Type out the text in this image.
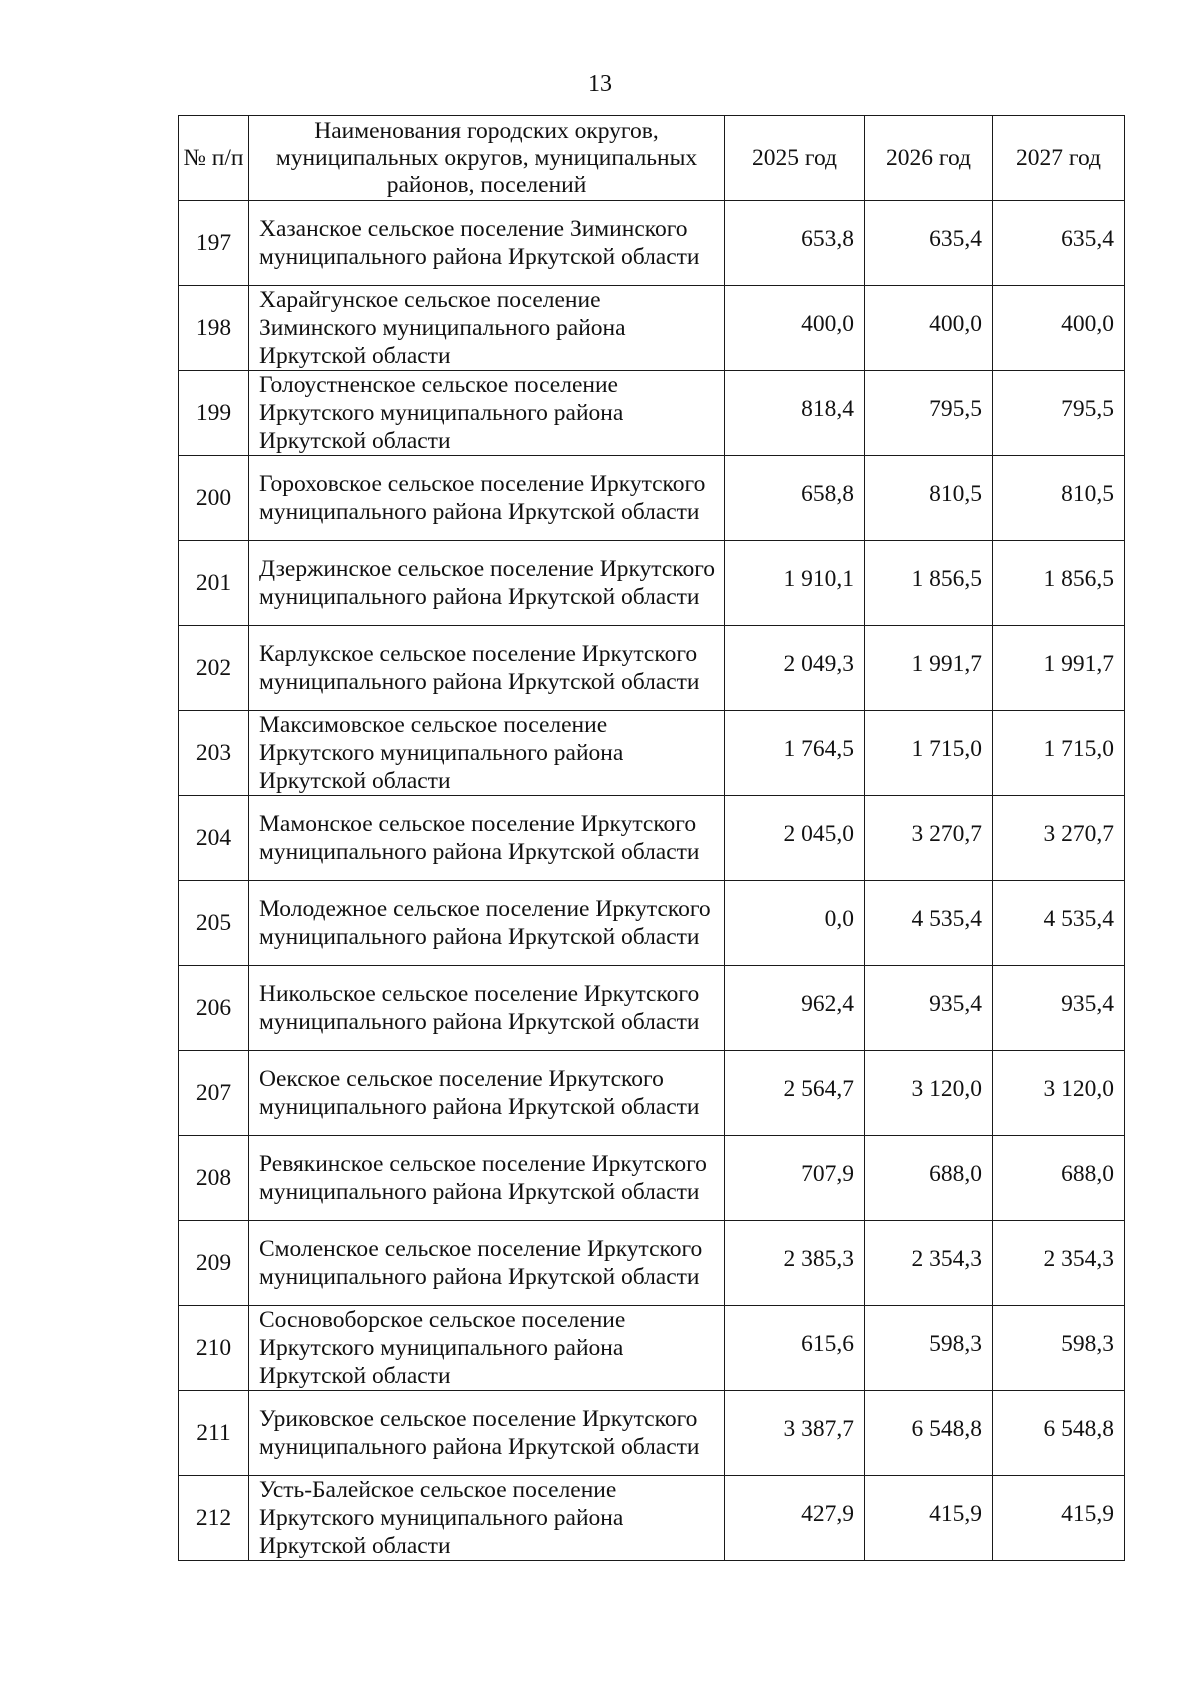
13
№ п/п	Наименования городских округов, муниципальных округов, муниципальных районов, поселений	2025 год	2026 год	2027 год
197	Хазанское сельское поселение Зиминского муниципального района Иркутской области	653,8	635,4	635,4
198	Харайгунское сельское поселение Зиминского муниципального района Иркутской области	400,0	400,0	400,0
199	Голоустненское сельское поселение Иркутского муниципального района Иркутской области	818,4	795,5	795,5
200	Гороховское сельское поселение Иркутского муниципального района Иркутской области	658,8	810,5	810,5
201	Дзержинское сельское поселение Иркутского муниципального района Иркутской области	1 910,1	1 856,5	1 856,5
202	Карлукское сельское поселение Иркутского муниципального района Иркутской области	2 049,3	1 991,7	1 991,7
203	Максимовское сельское поселение Иркутского муниципального района Иркутской области	1 764,5	1 715,0	1 715,0
204	Мамонское сельское поселение Иркутского муниципального района Иркутской области	2 045,0	3 270,7	3 270,7
205	Молодежное сельское поселение Иркутского муниципального района Иркутской области	0,0	4 535,4	4 535,4
206	Никольское сельское поселение Иркутского муниципального района Иркутской области	962,4	935,4	935,4
207	Оекское сельское поселение Иркутского муниципального района Иркутской области	2 564,7	3 120,0	3 120,0
208	Ревякинское сельское поселение Иркутского муниципального района Иркутской области	707,9	688,0	688,0
209	Смоленское сельское поселение Иркутского муниципального района Иркутской области	2 385,3	2 354,3	2 354,3
210	Сосновоборское сельское поселение Иркутского муниципального района Иркутской области	615,6	598,3	598,3
211	Уриковское сельское поселение Иркутского муниципального района Иркутской области	3 387,7	6 548,8	6 548,8
212	Усть-Балейское сельское поселение Иркутского муниципального района Иркутской области	427,9	415,9	415,9
